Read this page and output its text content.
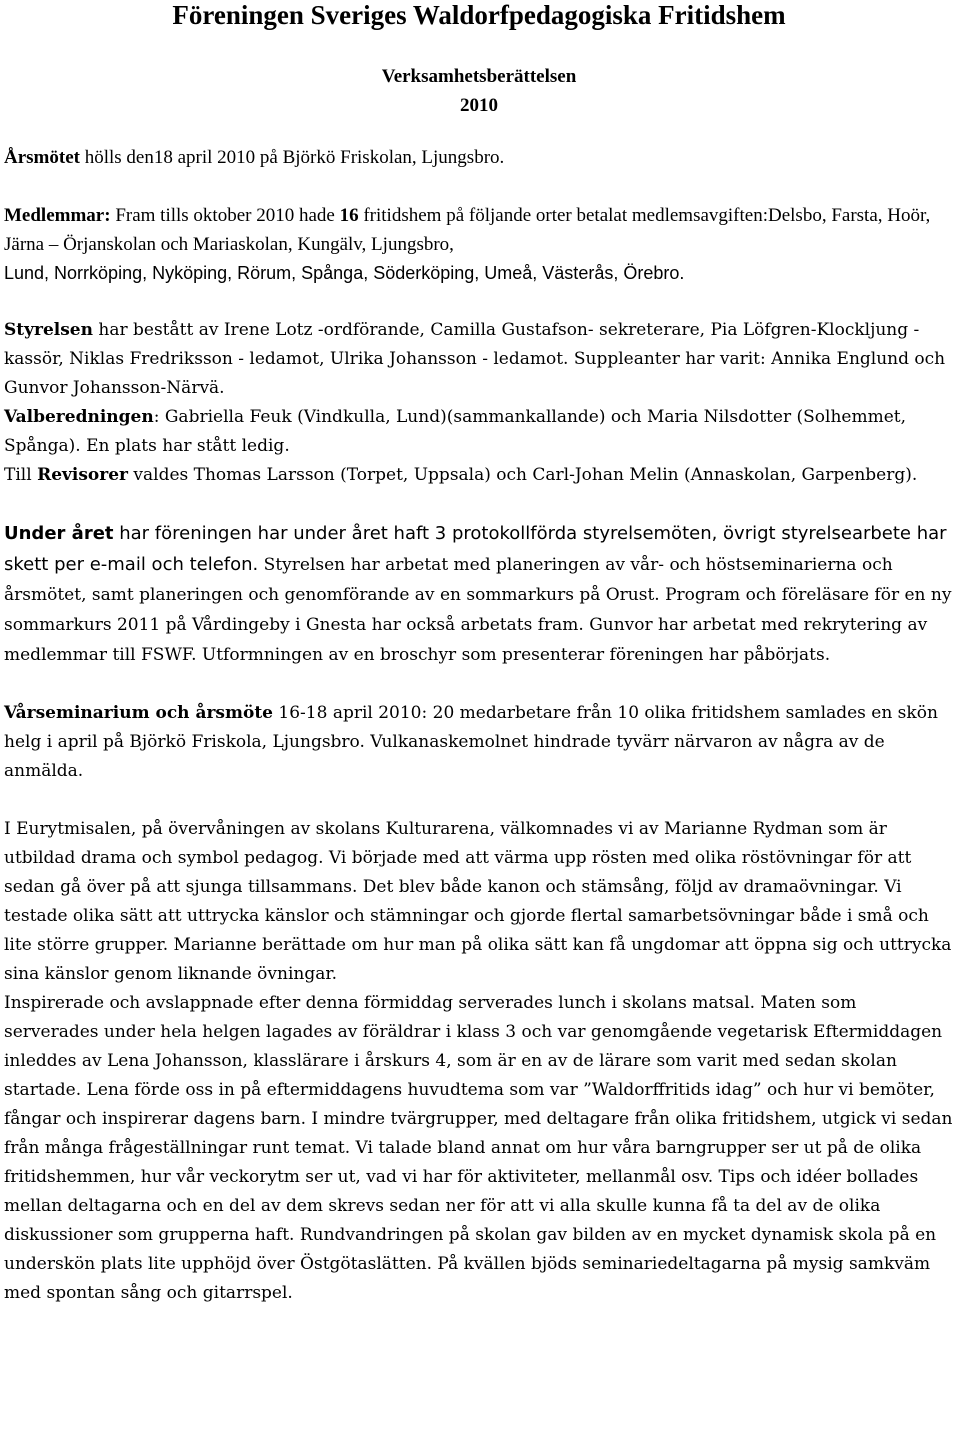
Föreningen Sveriges Waldorfpedagogiska Fritidshem

Verksamhetsberättelsen

2010

Årsmötet hölls den18 april 2010 på Björkö Friskolan, Ljungsbro.

Medlemmar: Fram tills oktober 2010 hade 16 fritidshem på följande orter betalat medlemsavgiften:Delsbo, Farsta, Hoör, Järna – Örjanskolan och Mariaskolan, Kungälv, Ljungsbro,
Lund, Norrköping, Nyköping, Rörum, Spånga, Söderköping, Umeå, Västerås, Örebro.

Styrelsen har bestått av Irene Lotz -ordförande, Camilla Gustafson- sekreterare, Pia Löfgren-Klockljung - kassör, Niklas Fredriksson - ledamot, Ulrika Johansson - ledamot. Suppleanter har varit: Annika Englund och Gunvor Johansson-Närvä.
Valberedningen: Gabriella Feuk (Vindkulla, Lund)(sammankallande) och Maria Nilsdotter (Solhemmet, Spånga). En plats har stått ledig.
Till Revisorer valdes Thomas Larsson (Torpet, Uppsala) och Carl-Johan Melin (Annaskolan, Garpenberg).

Under året har föreningen har under året haft 3 protokollförda styrelsemöten, övrigt styrelsearbete har skett per e-mail och telefon. Styrelsen har arbetat med planeringen av vår- och höstseminarierna och årsmötet, samt planeringen och genomförande av en sommarkurs på Orust. Program och föreläsare för en ny sommarkurs 2011 på Vårdingeby i Gnesta har också arbetats fram. Gunvor har arbetat med rekrytering av medlemmar till FSWF. Utformningen av en broschyr som presenterar föreningen har påbörjats.

Vårseminarium och årsmöte 16-18 april 2010: 20 medarbetare från 10 olika fritidshem samlades en skön helg i april på Björkö Friskola, Ljungsbro. Vulkanaskemolnet hindrade tyvärr närvaron av några av de anmälda.

I Eurytmisalen, på övervåningen av skolans Kulturarena, välkomnades vi av Marianne Rydman som är utbildad drama och symbol pedagog. Vi började med att värma upp rösten med olika röstövningar för att sedan gå över på att sjunga tillsammans. Det blev både kanon och stämsång, följd av dramaövningar. Vi testade olika sätt att uttrycka känslor och stämningar och gjorde flertal samarbetsövningar både i små och lite större grupper. Marianne berättade om hur man på olika sätt kan få ungdomar att öppna sig och uttrycka sina känslor genom liknande övningar.

Inspirerade och avslappnade efter denna förmiddag serverades lunch i skolans matsal. Maten som serverades under hela helgen lagades av föräldrar i klass 3 och var genomgående vegetarisk Eftermiddagen inleddes av Lena Johansson, klasslärare i årskurs 4, som är en av de lärare som varit med sedan skolan startade. Lena förde oss in på eftermiddagens huvudtema som var ”Waldorffritids idag” och hur vi bemöter, fångar och inspirerar dagens barn. I mindre tvärgrupper, med deltagare från olika fritidshem, utgick vi sedan från många frågeställningar runt temat. Vi talade bland annat om hur våra barngrupper ser ut på de olika fritidshemmen, hur vår veckorytm ser ut, vad vi har för aktiviteter, mellanmål osv. Tips och idéer bollades mellan deltagarna och en del av dem skrevs sedan ner för att vi alla skulle kunna få ta del av de olika diskussioner som grupperna haft. Rundvandringen på skolan gav bilden av en mycket dynamisk skola på en underskön plats lite upphöjd över Östgötaslätten. På kvällen bjöds seminariedeltagarna på mysig samkväm med spontan sång och gitarrspel.
